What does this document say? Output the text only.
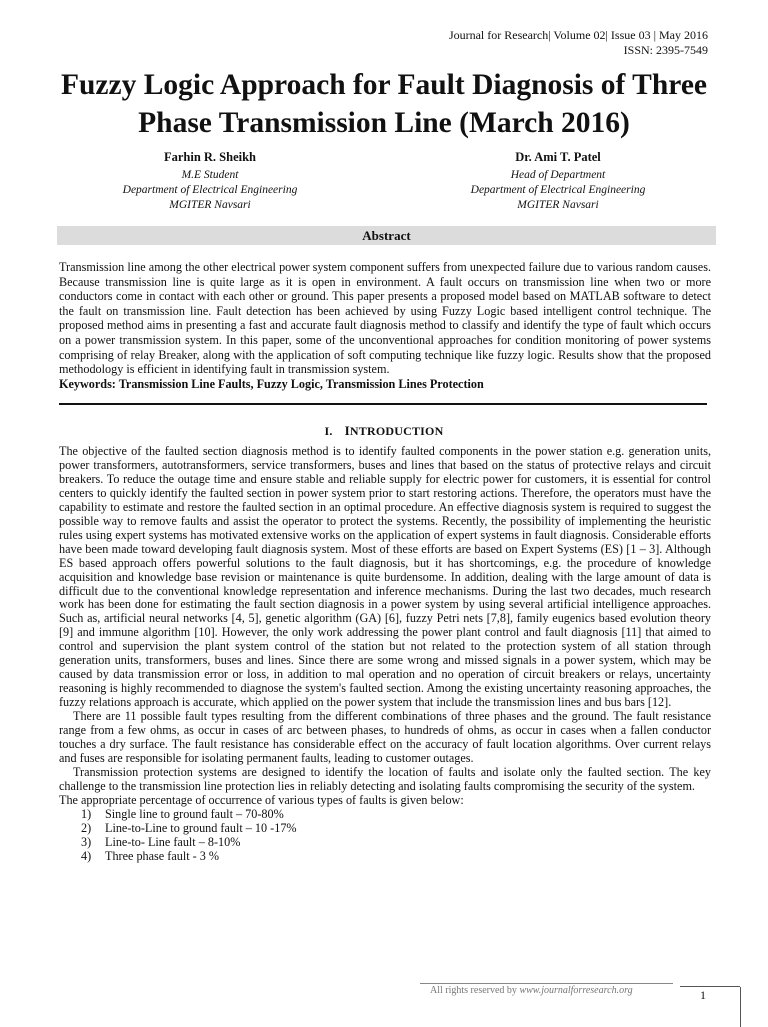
Journal for Research| Volume 02| Issue 03 | May 2016
ISSN: 2395-7549
Fuzzy Logic Approach for Fault Diagnosis of Three Phase Transmission Line (March 2016)
Farhin R. Sheikh
M.E Student
Department of Electrical Engineering
MGITER Navsari
Dr. Ami T. Patel
Head of Department
Department of Electrical Engineering
MGITER Navsari
Abstract

Transmission line among the other electrical power system component suffers from unexpected failure due to various random causes. Because transmission line is quite large as it is open in environment. A fault occurs on transmission line when two or more conductors come in contact with each other or ground. This paper presents a proposed model based on MATLAB software to detect the fault on transmission line. Fault detection has been achieved by using Fuzzy Logic based intelligent control technique. The proposed method aims in presenting a fast and accurate fault diagnosis method to classify and identify the type of fault which occurs on a power transmission system. In this paper, some of the unconventional approaches for condition monitoring of power systems comprising of relay Breaker, along with the application of soft computing technique like fuzzy logic. Results show that the proposed methodology is efficient in identifying fault in transmission system.

Keywords: Transmission Line Faults, Fuzzy Logic, Transmission Lines Protection
I. INTRODUCTION

The objective of the faulted section diagnosis method is to identify faulted components in the power station e.g. generation units, power transformers, autotransformers, service transformers, buses and lines that based on the status of protective relays and circuit breakers. To reduce the outage time and ensure stable and reliable supply for electric power for customers, it is essential for control centers to quickly identify the faulted section in power system prior to start restoring actions. Therefore, the operators must have the capability to estimate and restore the faulted section in an optimal procedure. An effective diagnosis system is required to suggest the possible way to remove faults and assist the operator to protect the systems. Recently, the possibility of implementing the heuristic rules using expert systems has motivated extensive works on the application of expert systems in fault diagnosis. Considerable efforts have been made toward developing fault diagnosis system. Most of these efforts are based on Expert Systems (ES) [1 – 3]. Although ES based approach offers powerful solutions to the fault diagnosis, but it has shortcomings, e.g. the procedure of knowledge acquisition and knowledge base revision or maintenance is quite burdensome. In addition, dealing with the large amount of data is difficult due to the conventional knowledge representation and inference mechanisms. During the last two decades, much research work has been done for estimating the fault section diagnosis in a power system by using several artificial intelligence approaches. Such as, artificial neural networks [4, 5], genetic algorithm (GA) [6], fuzzy Petri nets [7,8], family eugenics based evolution theory [9] and immune algorithm [10]. However, the only work addressing the power plant control and fault diagnosis [11] that aimed to control and supervision the plant system control of the station but not related to the protection system of all station through generation units, transformers, buses and lines. Since there are some wrong and missed signals in a power system, which may be caused by data transmission error or loss, in addition to mal operation and no operation of circuit breakers or relays, uncertainty reasoning is highly recommended to diagnose the system's faulted section. Among the existing uncertainty reasoning approaches, the fuzzy relations approach is accurate, which applied on the power system that include the transmission lines and bus bars [12].

There are 11 possible fault types resulting from the different combinations of three phases and the ground. The fault resistance range from a few ohms, as occur in cases of arc between phases, to hundreds of ohms, as occur in cases when a fallen conductor touches a dry surface. The fault resistance has considerable effect on the accuracy of fault location algorithms. Over current relays and fuses are responsible for isolating permanent faults, leading to customer outages.

Transmission protection systems are designed to identify the location of faults and isolate only the faulted section. The key challenge to the transmission line protection lies in reliably detecting and isolating faults compromising the security of the system.

The appropriate percentage of occurrence of various types of faults is given below:

1)	Single line to ground fault – 70-80%
2)	Line-to-Line to ground fault – 10 -17%
3)	Line-to- Line fault – 8-10%
4)	Three phase fault - 3 %
All rights reserved by www.journalforresearch.org	1
